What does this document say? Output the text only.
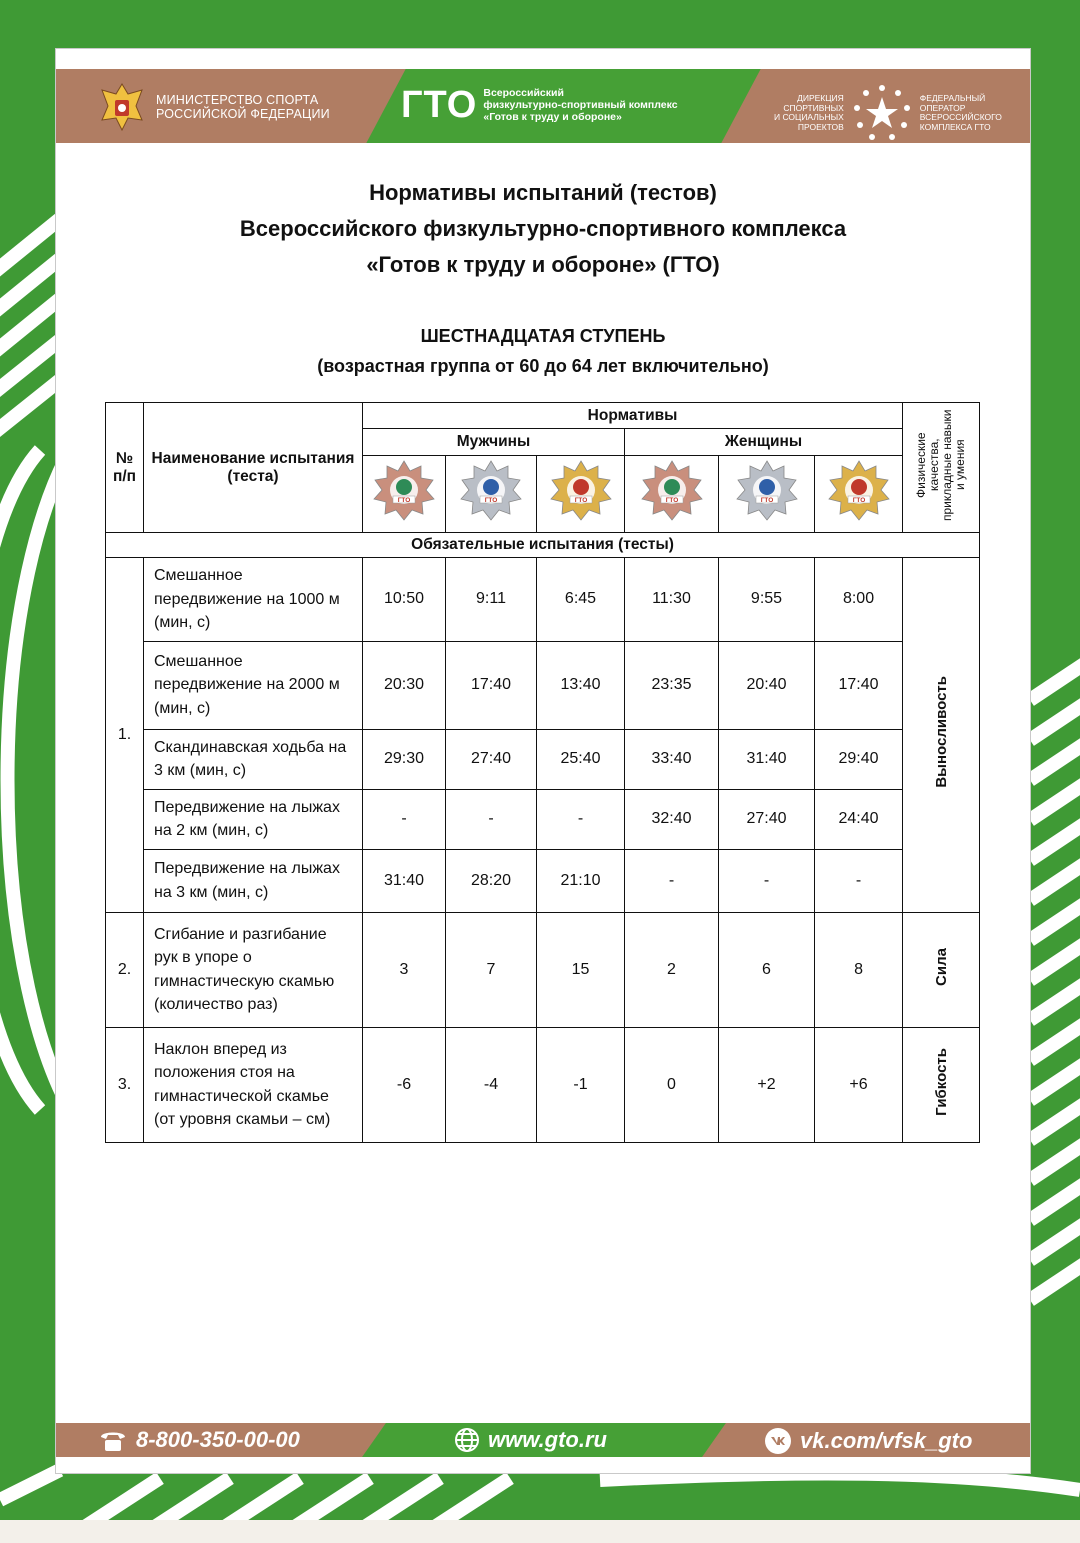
МИНИСТЕРСТВО СПОРТА
РОССИЙСКОЙ ФЕДЕРАЦИИ ГТО Всероссийский
физкультурно-спортивный комплекс
«Готов к труду и обороне»
ДИРЕКЦИЯ
СПОРТИВНЫХ
И СОЦИАЛЬНЫХ
ПРОЕКТОВ
ФЕДЕРАЛЬНЫЙ
ОПЕРАТОР
ВСЕРОССИЙСКОГО
КОМПЛЕКСА ГТО
Нормативы испытаний (тестов)
Всероссийского физкультурно-спортивного комплекса
«Готов к труду и обороне» (ГТО)
ШЕСТНАДЦАТАЯ СТУПЕНЬ
(возрастная группа от 60 до 64 лет включительно)
№ п/п	Наименование испытания (теста)	Нормативы						Физические качества, прикладные навыки и умения
		Мужчины			Женщины			

ГТО	ГТО	ГТО	ГТО	ГТО	ГТО	

Обязательные испытания (тесты)								
1.	Смешанное передвижение на 1000 м (мин, с)	10:50	9:11	6:45	11:30	9:55	8:00	Выносливость
	Смешанное передвижение на 2000 м (мин, с)	20:30	17:40	13:40	23:35	20:40	17:40	
	Скандинавская ходьба на 3 км (мин, с)	29:30	27:40	25:40	33:40	31:40	29:40	
	Передвижение на лыжах на 2 км (мин, с)	-	-	-	32:40	27:40	24:40	
	Передвижение на лыжах на 3 км (мин, с)	31:40	28:20	21:10	-	-	-	
2.	Сгибание и разгибание рук в упоре о гимнастическую скамью (количество раз)	3	7	15	2	6	8	Сила
3.	Наклон вперед из положения стоя на гимнастической скамье (от уровня скамьи – см)	-6	-4	-1	0	+2	+6	Гибкость
8-800-350-00-00	www.gto.ru	vk.com/vfsk_gto
